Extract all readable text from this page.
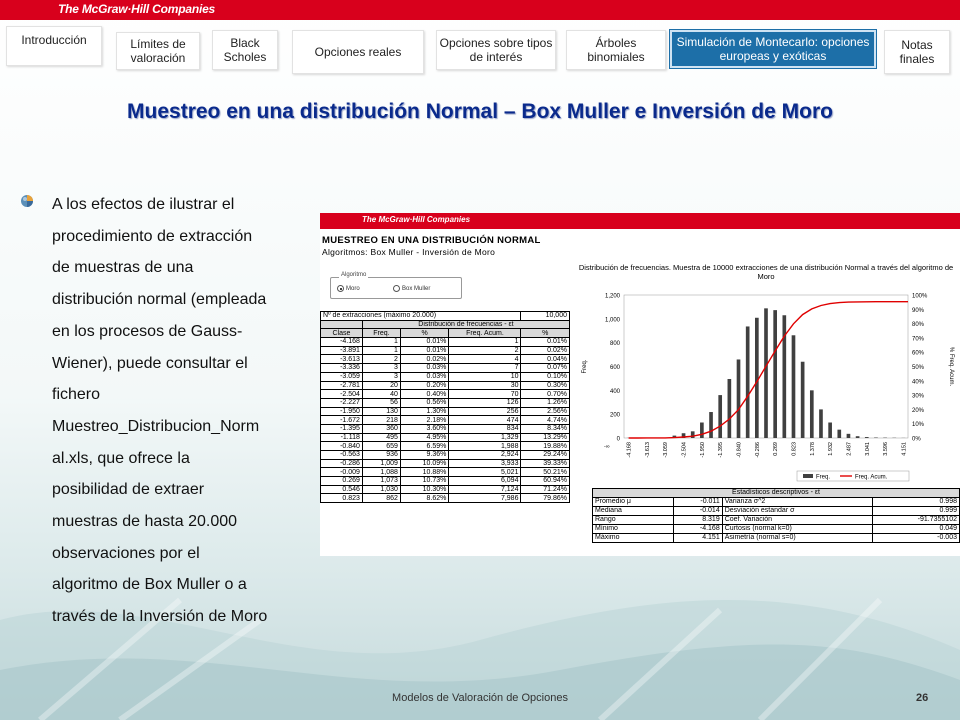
The McGraw·Hill Companies
Introducción	Límites de valoración
Black Scholes	Opciones reales
Opciones sobre tipos de interés
Árboles binomiales
Simulación de Montecarlo: opciones europeas y exóticas
Notas finales
Muestreo en una distribución Normal – Box Muller e Inversión de Moro
A los efectos de ilustrar el
procedimiento de extracción
de muestras de una
distribución normal (empleada
en los procesos de Gauss-
Wiener), puede consultar el
fichero
Muestreo_Distribucion_Norm
al.xls, que ofrece la
posibilidad de extraer
muestras de hasta 20.000
observaciones por el
algoritmo de Box Muller o a
través de la Inversión de Moro
The McGraw·Hill Companies
MUESTREO EN UNA DISTRIBUCIÓN NORMAL
Algoritmos: Box Muller - Inversión de Moro
Algoritmo
Moro	Box Muller
Nº de extracciones (máximo 20.000)				10,000
	Distribución de frecuencias - εt			
Clase	Freq.	%	Freq. Acum.	%
-4.168	1	0.01%	1	0.01%
-3.891	1	0.01%	2	0.02%
-3.613	2	0.02%	4	0.04%
-3.336	3	0.03%	7	0.07%
-3.059	3	0.03%	10	0.10%
-2.781	20	0.20%	30	0.30%
-2.504	40	0.40%	70	0.70%
-2.227	56	0.56%	126	1.26%
-1.950	130	1.30%	256	2.56%
-1.672	218	2.18%	474	4.74%
-1.395	360	3.60%	834	8.34%
-1.118	495	4.95%	1,329	13.29%
-0.840	659	6.59%	1,988	19.88%
-0.563	936	9.36%	2,924	29.24%
-0.286	1,009	10.09%	3,933	39.33%
-0.009	1,088	10.88%	5,021	50.21%
0.269	1,073	10.73%	6,094	60.94%
0.546	1,030	10.30%	7,124	71.24%
0.823	862	8.62%	7,986	79.86%
Distribución de frecuencias. Muestra de 10000 extracciones de una distribución Normal a través del algoritmo de Moro
0
200
400
600
800
1,000
1,200
0%
10%
20%
30%
40%
50%
60%
70%
80%
90%
100%
Freq.	% Freq. Acum.
-∞	-4.168 -3.613 -3.059 -2.504 -1.950 -1.395 -0.840 -0.286 0.269 0.823 1.378 1.932 2.487 3.041 3.596 4.151
Freq.	Freq. Acum.
Estadísticos descriptivos - εt			
Promedio μ	-0.011	Varianza σ^2	0.998
Mediana	-0.014	Desviación estandar σ	0.999
Rango	8.319	Coef. Variación	-91.7355102
Mínimo	-4.168	Curtosis (normal k=0)	0.049
Máximo	4.151	Asimetría (normal s=0)	-0.003
Modelos de Valoración de Opciones	26
